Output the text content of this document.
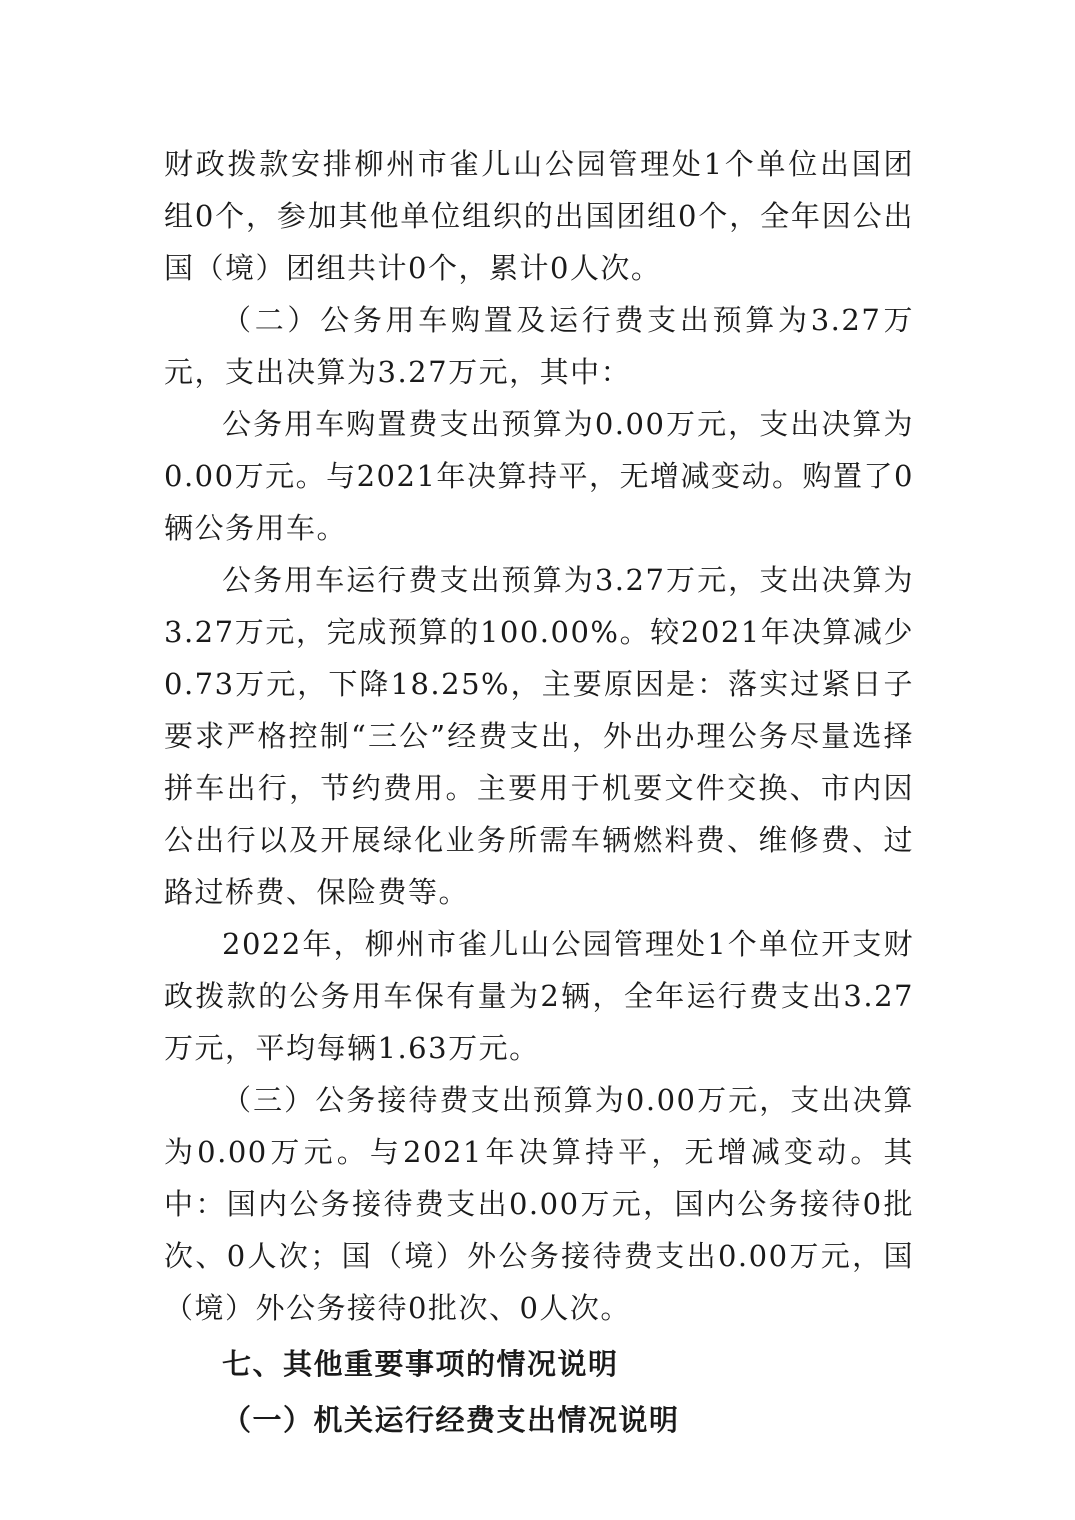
财政拨款安排柳州市雀儿山公园管理处1个单位出国团组0个，参加其他单位组织的出国团组0个，全年因公出国（境）团组共计0个，累计0人次。

（二）公务用车购置及运行费支出预算为3.27万元，支出决算为3.27万元，其中：

公务用车购置费支出预算为0.00万元，支出决算为0.00万元。与2021年决算持平，无增减变动。购置了0辆公务用车。

公务用车运行费支出预算为3.27万元，支出决算为3.27万元，完成预算的100.00%。较2021年决算减少0.73万元，下降18.25%，主要原因是：落实过紧日子要求严格控制“三公”经费支出，外出办理公务尽量选择拼车出行，节约费用。主要用于机要文件交换、市内因公出行以及开展绿化业务所需车辆燃料费、维修费、过路过桥费、保险费等。

2022年，柳州市雀儿山公园管理处1个单位开支财政拨款的公务用车保有量为2辆，全年运行费支出3.27万元，平均每辆1.63万元。

（三）公务接待费支出预算为0.00万元，支出决算为0.00万元。与2021年决算持平，无增减变动。其中：国内公务接待费支出0.00万元，国内公务接待0批次、0人次；国（境）外公务接待费支出0.00万元，国（境）外公务接待0批次、0人次。

七、其他重要事项的情况说明
（一）机关运行经费支出情况说明
